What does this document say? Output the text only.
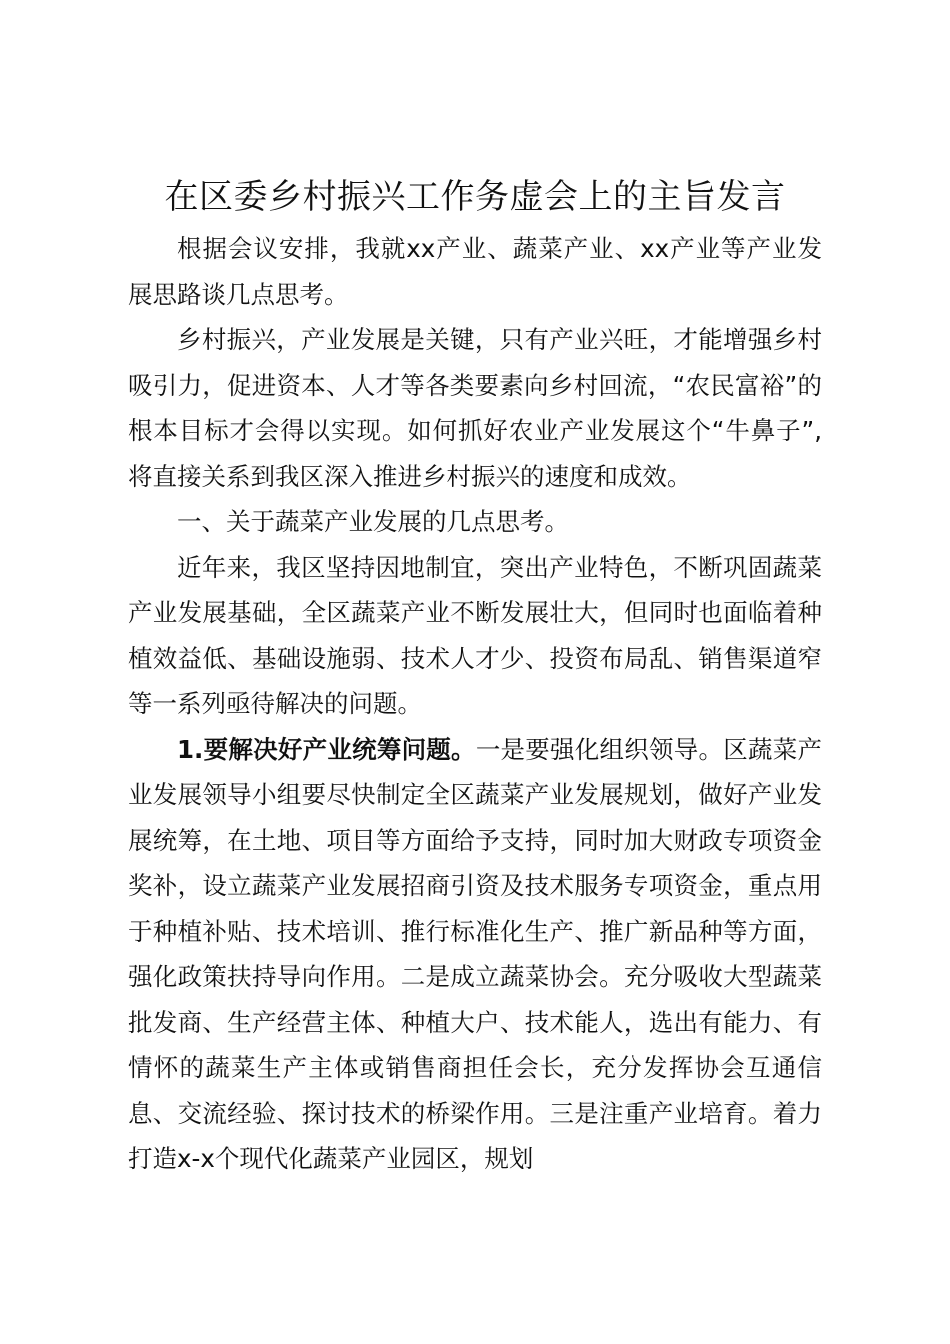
在区委乡村振兴工作务虚会上的主旨发言

根据会议安排，我就xx产业、蔬菜产业、xx产业等产业发展思路谈几点思考。

乡村振兴，产业发展是关键，只有产业兴旺，才能增强乡村吸引力，促进资本、人才等各类要素向乡村回流，“农民富裕”的根本目标才会得以实现。如何抓好农业产业发展这个“牛鼻子”,将直接关系到我区深入推进乡村振兴的速度和成效。

一、关于蔬菜产业发展的几点思考。

近年来，我区坚持因地制宜，突出产业特色，不断巩固蔬菜产业发展基础，全区蔬菜产业不断发展壮大，但同时也面临着种植效益低、基础设施弱、技术人才少、投资布局乱、销售渠道窄等一系列亟待解决的问题。

1.要解决好产业统筹问题。一是要强化组织领导。区蔬菜产业发展领导小组要尽快制定全区蔬菜产业发展规划，做好产业发展统筹，在土地、项目等方面给予支持，同时加大财政专项资金奖补，设立蔬菜产业发展招商引资及技术服务专项资金，重点用于种植补贴、技术培训、推行标准化生产、推广新品种等方面，强化政策扶持导向作用。二是成立蔬菜协会。充分吸收大型蔬菜批发商、生产经营主体、种植大户、技术能人，选出有能力、有情怀的蔬菜生产主体或销售商担任会长，充分发挥协会互通信息、交流经验、探讨技术的桥梁作用。三是注重产业培育。着力打造x-x个现代化蔬菜产业园区，规划
